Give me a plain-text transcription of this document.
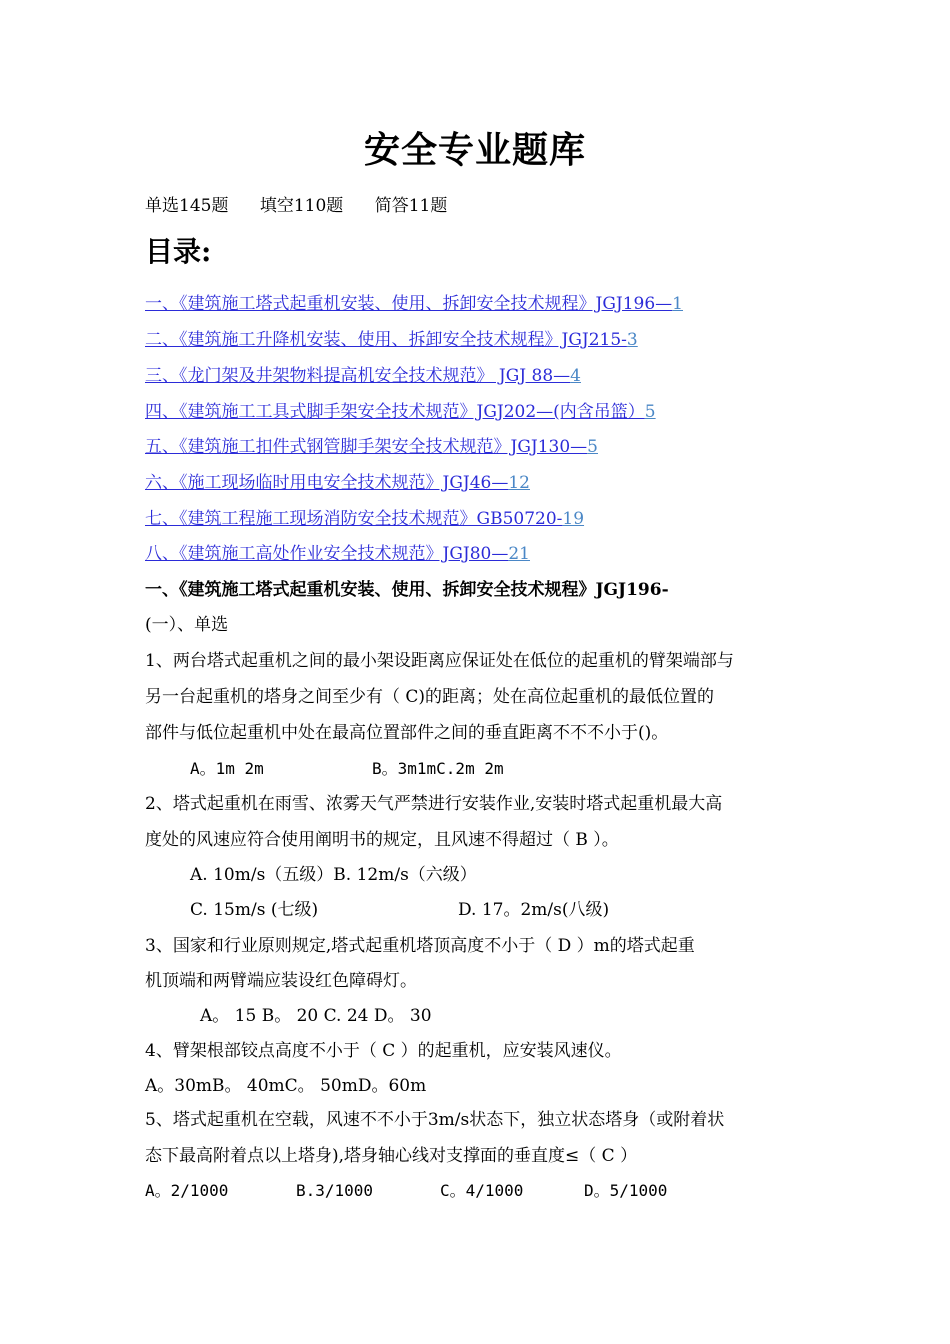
安全专业题库
单选145题 填空110题 简答11题
目录:
一、《建筑施工塔式起重机安装、使用、拆卸安全技术规程》JGJ196—1
二、《建筑施工升降机安装、使用、拆卸安全技术规程》JGJ215-3
三、《龙门架及井架物料提高机安全技术规范》 JGJ 88—4
四、《建筑施工工具式脚手架安全技术规范》JGJ202—(内含吊篮）5
五、《建筑施工扣件式钢管脚手架安全技术规范》JGJ130—5
六、《施工现场临时用电安全技术规范》JGJ46—12
七、《建筑工程施工现场消防安全技术规范》GB50720-19
八、《建筑施工高处作业安全技术规范》JGJ80—21
一、《建筑施工塔式起重机安装、使用、拆卸安全技术规程》JGJ196-
(一）、单选
1、两台塔式起重机之间的最小架设距离应保证处在低位的起重机的臂架端部与
另一台起重机的塔身之间至少有（ C)的距离；处在高位起重机的最低位置的
部件与低位起重机中处在最高位置部件之间的垂直距离不不不小于()。
A。1m 2m	B。3m1mC.2m 2m
2、塔式起重机在雨雪、浓雾天气严禁进行安装作业,安装时塔式起重机最大高
度处的风速应符合使用阐明书的规定，且风速不得超过（ B ）。
A. 10m/s（五级）B. 12m/s（六级）
C. 15m/s (七级)	D. 17。2m/s(八级)
3、国家和行业原则规定,塔式起重机塔顶高度不小于（ D ）m的塔式起重
机顶端和两臂端应装设红色障碍灯。
A。 15 B。 20 C. 24 D。 30
4、臂架根部铰点高度不小于（ C ）的起重机，应安装风速仪。
A。30mB。 40mC。 50mD。60m
5、塔式起重机在空载，风速不不小于3m/s状态下，独立状态塔身（或附着状
态下最高附着点以上塔身),塔身轴心线对支撑面的垂直度≤（ C ）
A。2/1000	B.3/1000	C。4/1000	D。5/1000
